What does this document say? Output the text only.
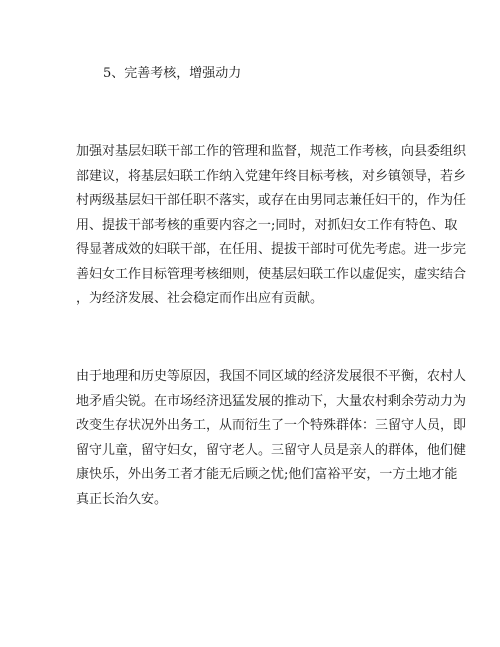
5、完善考核，增强动力
加强对基层妇联干部工作的管理和监督，规范工作考核，向县委组织
部建议，将基层妇联工作纳入党建年终目标考核，对乡镇领导，若乡
村两级基层妇干部任职不落实，或存在由男同志兼任妇干的，作为任
用、提拔干部考核的重要内容之一;同时，对抓妇女工作有特色、取
得显著成效的妇联干部，在任用、提拔干部时可优先考虑。进一步完
善妇女工作目标管理考核细则，使基层妇联工作以虚促实，虚实结合
，为经济发展、社会稳定而作出应有贡献。
由于地理和历史等原因，我国不同区域的经济发展很不平衡，农村人
地矛盾尖锐。在市场经济迅猛发展的推动下，大量农村剩余劳动力为
改变生存状况外出务工，从而衍生了一个特殊群体：三留守人员，即
留守儿童，留守妇女，留守老人。三留守人员是亲人的群体，他们健
康快乐，外出务工者才能无后顾之忧;他们富裕平安，一方土地才能
真正长治久安。
